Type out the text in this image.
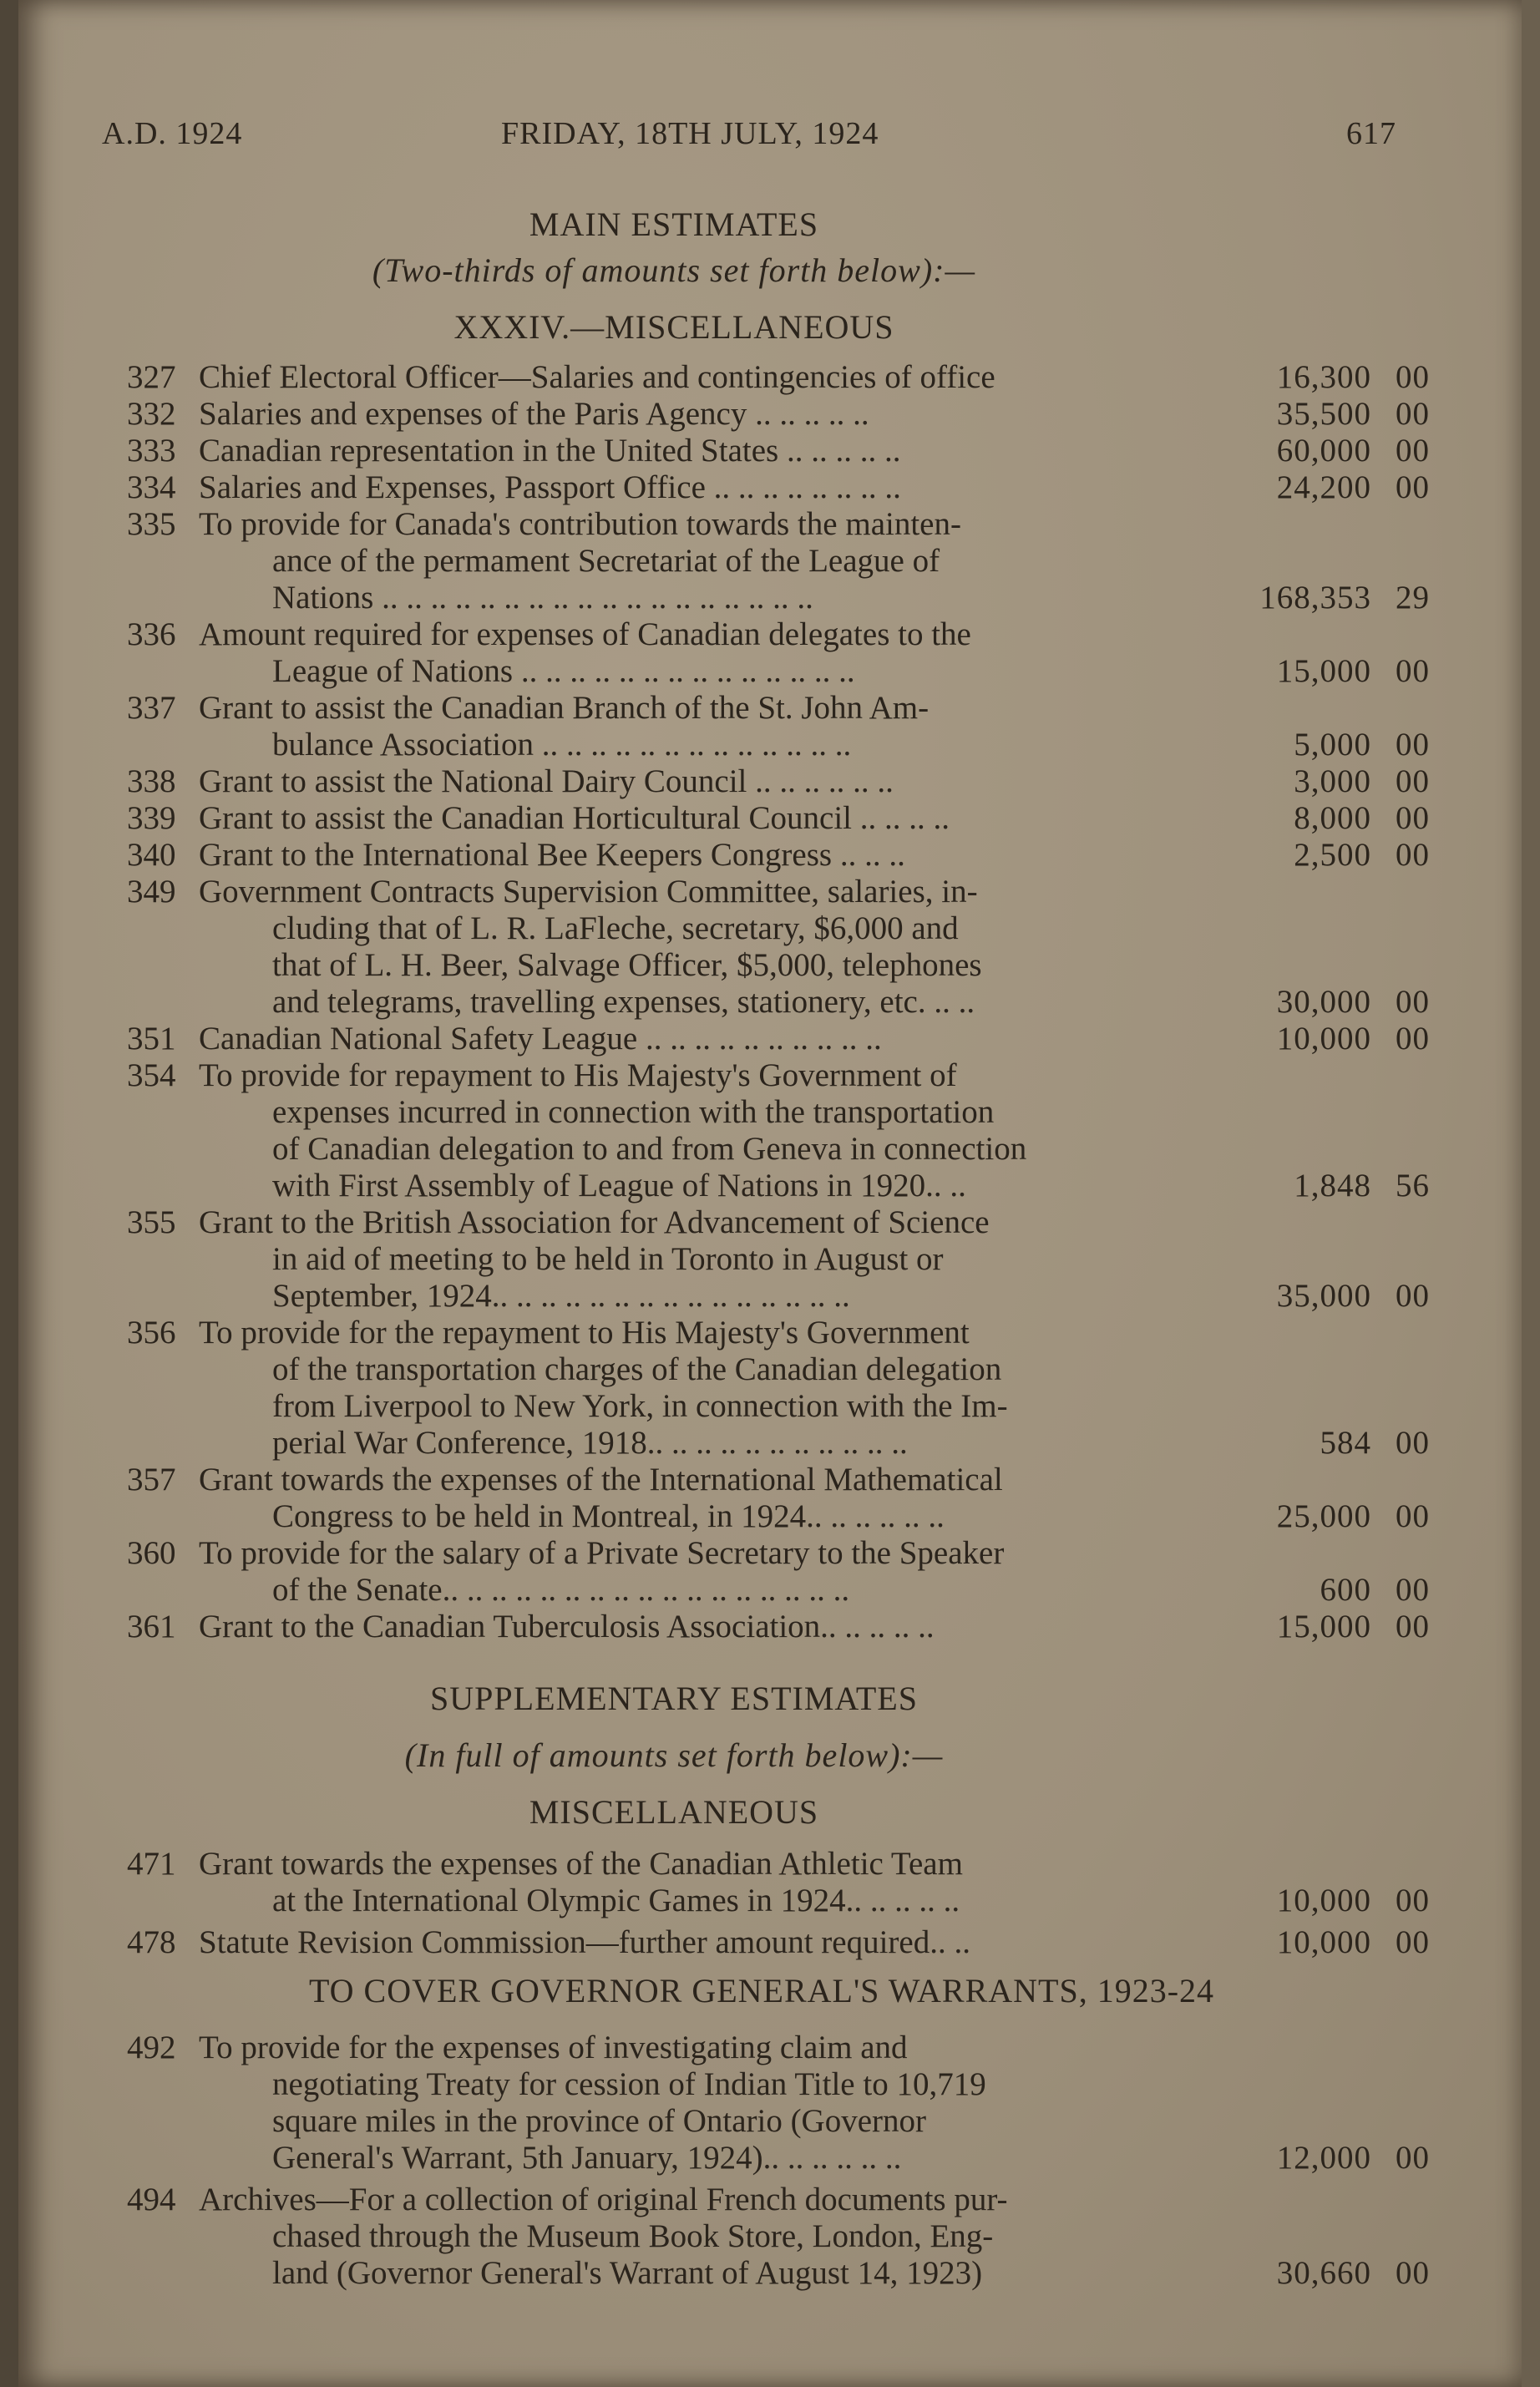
A.D. 1924	FRIDAY, 18TH JULY, 1924	617
MAIN ESTIMATES
(Two-thirds of amounts set forth below):—
XXXIV.—MISCELLANEOUS
327 Chief Electoral Officer—Salaries and contingencies of office	16,300 00
332 Salaries and expenses of the Paris Agency .. .. .. .. ..	35,500 00
333 Canadian representation in the United States .. .. .. .. ..	60,000 00
334 Salaries and Expenses, Passport Office .. .. .. .. .. .. .. ..	24,200 00
335 To provide for Canada's contribution towards the mainten-
ance of the permament Secretariat of the League of
Nations .. .. .. .. .. .. .. .. .. .. .. .. .. .. .. .. .. ..	168,353 29
336 Amount required for expenses of Canadian delegates to the
League of Nations .. .. .. .. .. .. .. .. .. .. .. .. .. ..	15,000 00
337 Grant to assist the Canadian Branch of the St. John Am-
bulance Association .. .. .. .. .. .. .. .. .. .. .. .. ..	5,000 00
338 Grant to assist the National Dairy Council .. .. .. .. .. ..	3,000 00
339 Grant to assist the Canadian Horticultural Council .. .. .. ..	8,000 00
340 Grant to the International Bee Keepers Congress .. .. ..	2,500 00
349 Government Contracts Supervision Committee, salaries, in-
cluding that of L. R. LaFleche, secretary, $6,000 and
that of L. H. Beer, Salvage Officer, $5,000, telephones
and telegrams, travelling expenses, stationery, etc. .. ..	30,000 00
351 Canadian National Safety League .. .. .. .. .. .. .. .. .. ..	10,000 00
354 To provide for repayment to His Majesty's Government of
expenses incurred in connection with the transportation
of Canadian delegation to and from Geneva in connection
with First Assembly of League of Nations in 1920.. ..	1,848 56
355 Grant to the British Association for Advancement of Science
in aid of meeting to be held in Toronto in August or
September, 1924.. .. .. .. .. .. .. .. .. .. .. .. .. .. ..	35,000 00
356 To provide for the repayment to His Majesty's Government
of the transportation charges of the Canadian delegation
from Liverpool to New York, in connection with the Im-
perial War Conference, 1918.. .. .. .. .. .. .. .. .. .. ..	584 00
357 Grant towards the expenses of the International Mathematical
Congress to be held in Montreal, in 1924.. .. .. .. .. ..	25,000 00
360 To provide for the salary of a Private Secretary to the Speaker
of the Senate.. .. .. .. .. .. .. .. .. .. .. .. .. .. .. .. ..	600 00
361 Grant to the Canadian Tuberculosis Association.. .. .. .. ..	15,000 00
SUPPLEMENTARY ESTIMATES
(In full of amounts set forth below):—
MISCELLANEOUS
471 Grant towards the expenses of the Canadian Athletic Team
at the International Olympic Games in 1924.. .. .. .. ..	10,000 00
478 Statute Revision Commission—further amount required.. ..	10,000 00
TO COVER GOVERNOR GENERAL'S WARRANTS, 1923-24
492 To provide for the expenses of investigating claim and
negotiating Treaty for cession of Indian Title to 10,719
square miles in the province of Ontario (Governor
General's Warrant, 5th January, 1924).. .. .. .. .. ..	12,000 00
494 Archives—For a collection of original French documents pur-
chased through the Museum Book Store, London, Eng-
land (Governor General's Warrant of August 14, 1923)	30,660 00
